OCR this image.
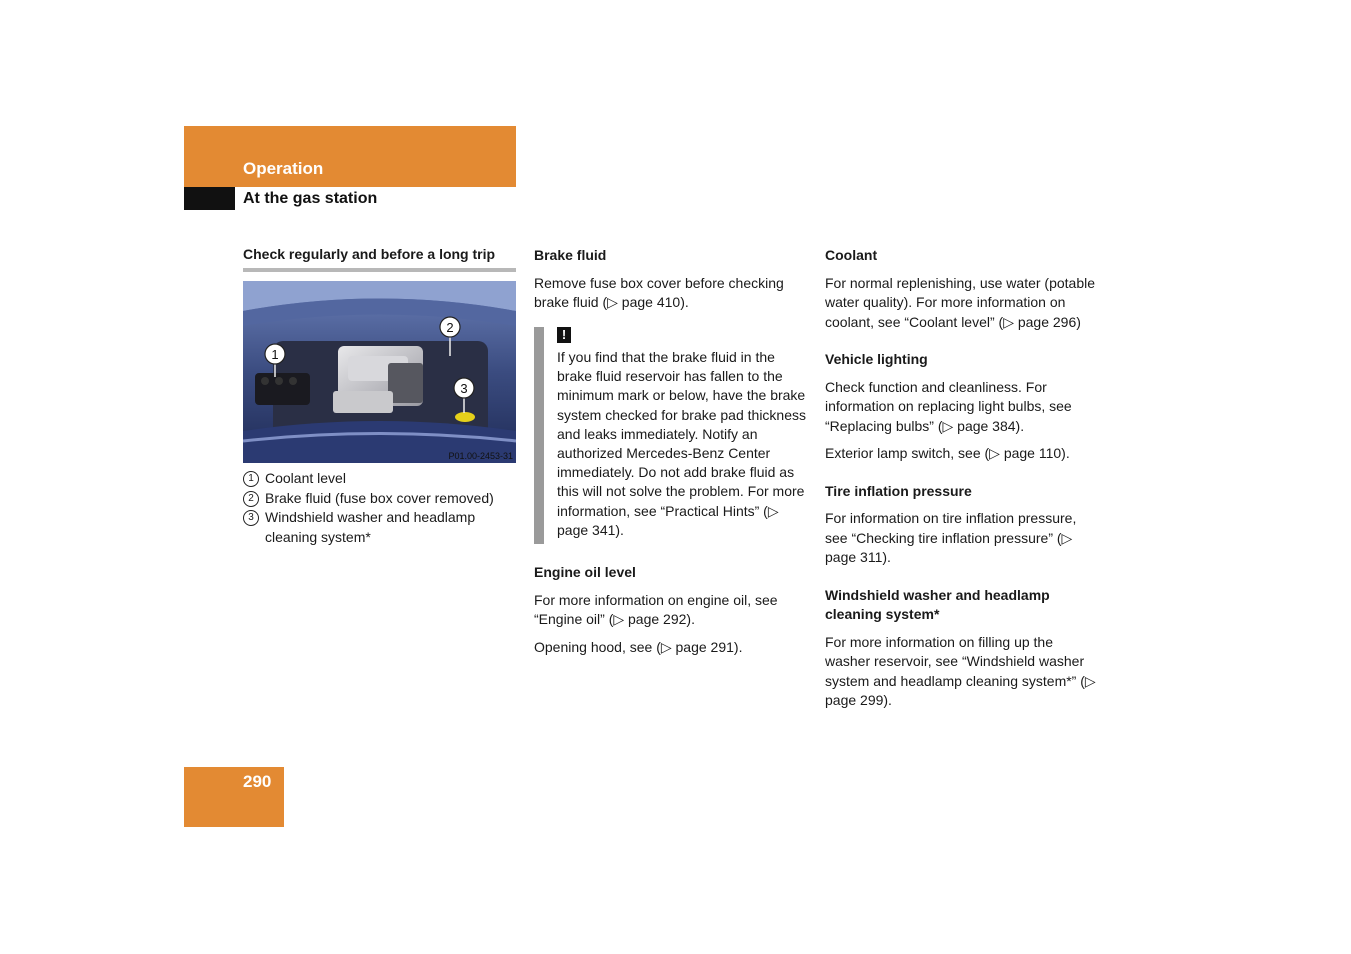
Operation
At the gas station
Check regularly and before a long trip
1
2
3
P01.00-2453-31
1 Coolant level
2 Brake fluid (fuse box cover removed)
3 Windshield washer and headlamp cleaning system*

Brake fluid

Remove fuse box cover before checking brake fluid (▷ page 410).

!
If you find that the brake fluid in the brake fluid reservoir has fallen to the minimum mark or below, have the brake system checked for brake pad thickness and leaks immediately. Notify an authorized Mercedes-Benz Center immediately. Do not add brake fluid as this will not solve the problem. For more information, see “Practical Hints” (▷ page 341).

Engine oil level

For more information on engine oil, see “Engine oil” (▷ page 292).

Opening hood, see (▷ page 291).

Coolant

For normal replenishing, use water (potable water quality). For more information on coolant, see “Coolant level” (▷ page 296)

Vehicle lighting

Check function and cleanliness. For information on replacing light bulbs, see “Replacing bulbs” (▷ page 384).

Exterior lamp switch, see (▷ page 110).

Tire inflation pressure

For information on tire inflation pressure, see “Checking tire inflation pressure” (▷ page 311).

Windshield washer and headlamp cleaning system*

For more information on filling up the washer reservoir, see “Windshield washer system and headlamp cleaning system*” (▷ page 299).

290
